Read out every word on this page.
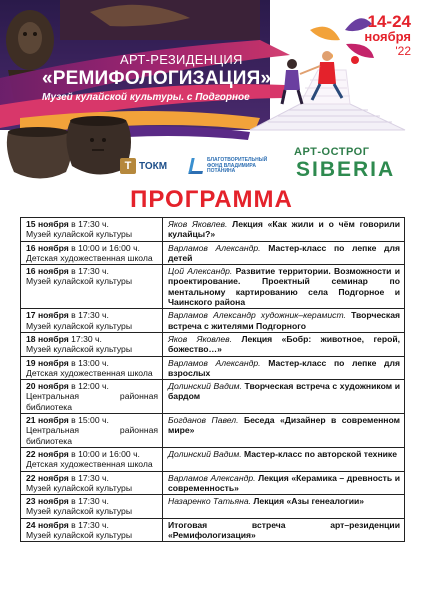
14-24
ноября
'22
АРТ-РЕЗИДЕНЦИЯ
«РЕМИФОЛОГИЗАЦИЯ»
Музей кулайской культуры. с Подгорное
Т ТОКМ
БЛАГОТВОРИТЕЛЬНЫЙ ФОНД ВЛАДИМИРА ПОТАНИНА
АРТ-ОСТРОГ
SIBERIA
ПРОГРАММА
15 ноября в 17:30 ч.
Музей кулайской культуры	Яков Яковлев. Лекция «Как жили и о чём говорили кулайцы?»
16 ноября в 10:00 и 16:00 ч.
Детская художественная школа	Варламов Александр. Мастер-класс по лепке для детей
16 ноября в 17:30 ч.
Музей кулайской культуры	Цой Александр. Развитие территории. Возможности и проектирование. Проектный семинар по ментальному картированию села Подгорное и Чаинского района
17 ноября в 17:30 ч.
Музей кулайской культуры	Варламов Александр художник–керамист. Творческая встреча с жителями Подгорного
18 ноября 17:30 ч.
Музей кулайской культуры	Яков Яковлев. Лекция «Бобр: животное, герой, божество…»
19 ноября в 13:00 ч.
Детская художественная школа	Варламов Александр. Мастер-класс по лепке для взрослых
20 ноября в 12:00 ч.
Центральная районная библиотека	Долинский Вадим. Творческая встреча с художником и бардом
21 ноября в 15:00 ч.
Центральная районная библиотека	Богданов Павел. Беседа «Дизайнер в современном мире»
22 ноября в 10:00 и 16:00 ч.
Детская художественная школа	Долинский Вадим. Мастер-класс по авторской технике
22 ноября в 17:30 ч.
Музей кулайской культуры	Варламов Александр. Лекция «Керамика – древность и современность»
23 ноября в 17:30 ч.
Музей кулайской культуры	Назаренко Татьяна. Лекция «Азы генеалогии»
24 ноября в 17:30 ч.
Музей кулайской культуры	Итоговая встреча арт–резиденции «Ремифологизация»
